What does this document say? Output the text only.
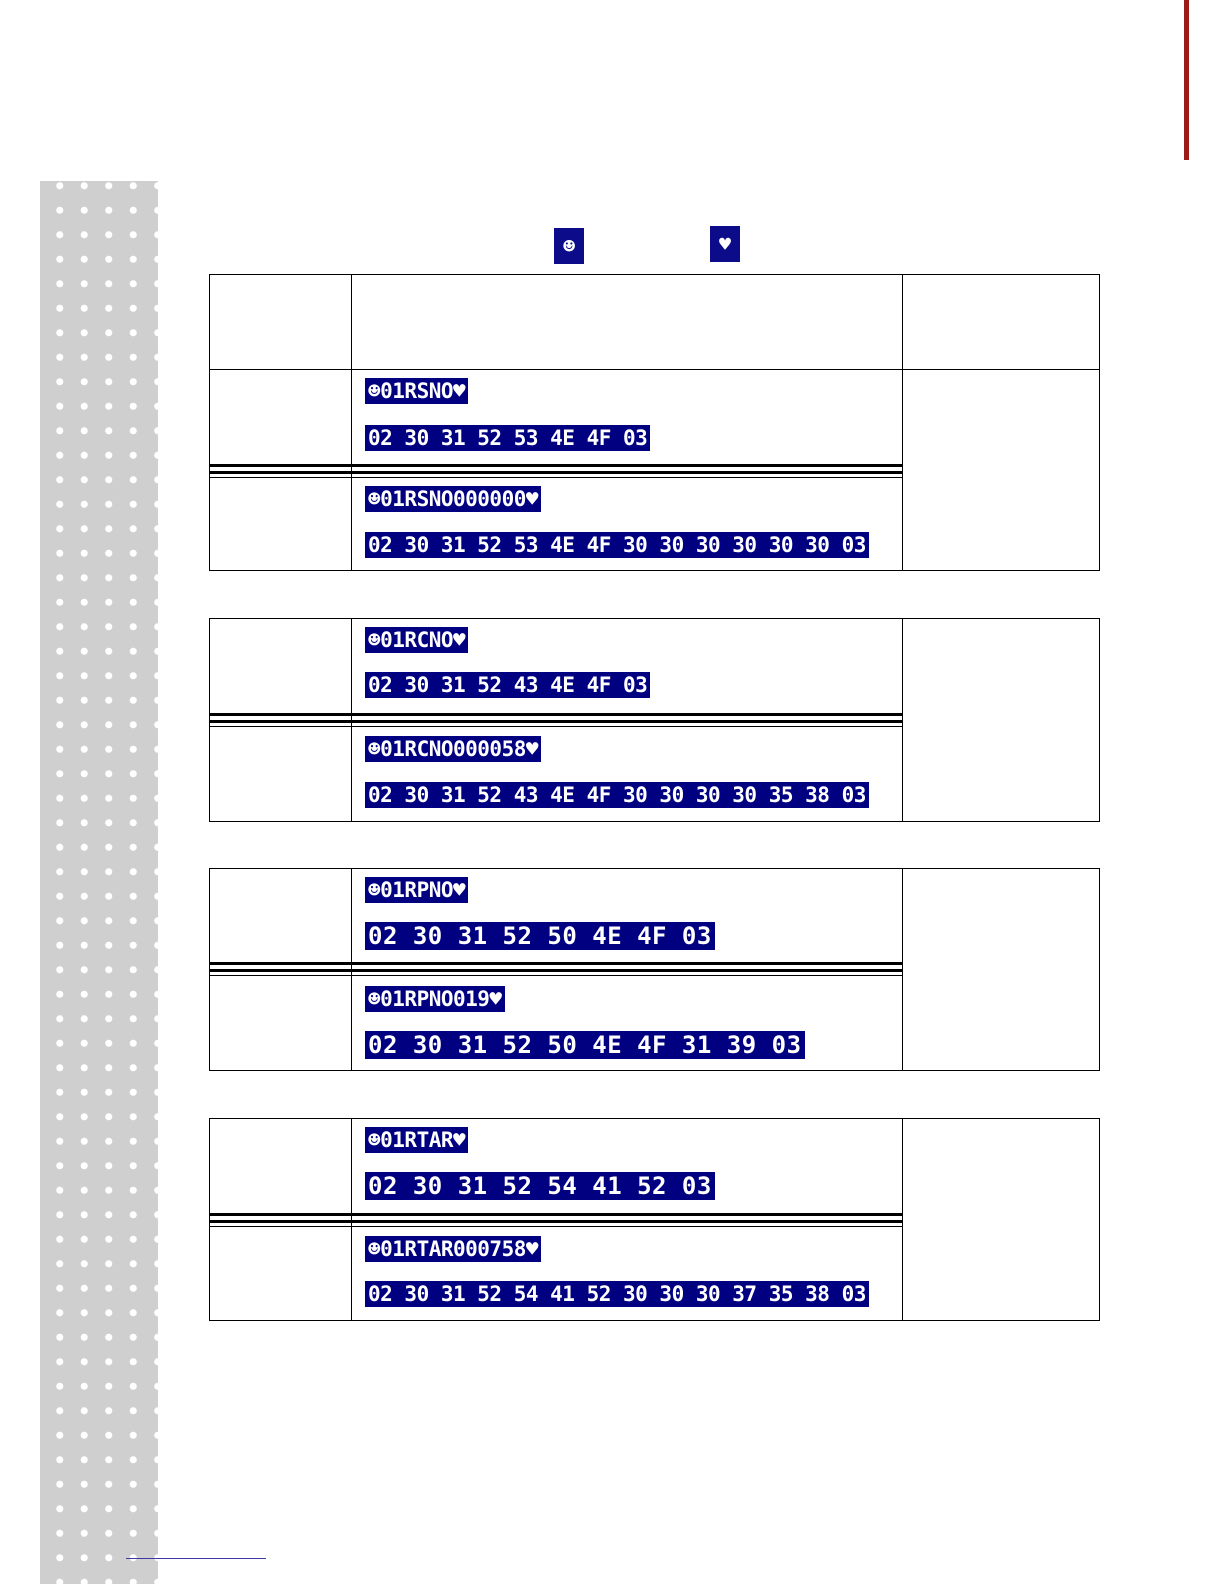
☻	♥
☻01RSNO♥
02 30 31 52 53 4E 4F 03
☻01RSNO000000♥
02 30 31 52 53 4E 4F 30 30 30 30 30 30 03
☻01RCNO♥
02 30 31 52 43 4E 4F 03
☻01RCNO000058♥
02 30 31 52 43 4E 4F 30 30 30 30 35 38 03
☻01RPNO♥
02 30 31 52 50 4E 4F 03
☻01RPNO019♥
02 30 31 52 50 4E 4F 31 39 03
☻01RTAR♥
02 30 31 52 54 41 52 03
☻01RTAR000758♥
02 30 31 52 54 41 52 30 30 30 37 35 38 03
